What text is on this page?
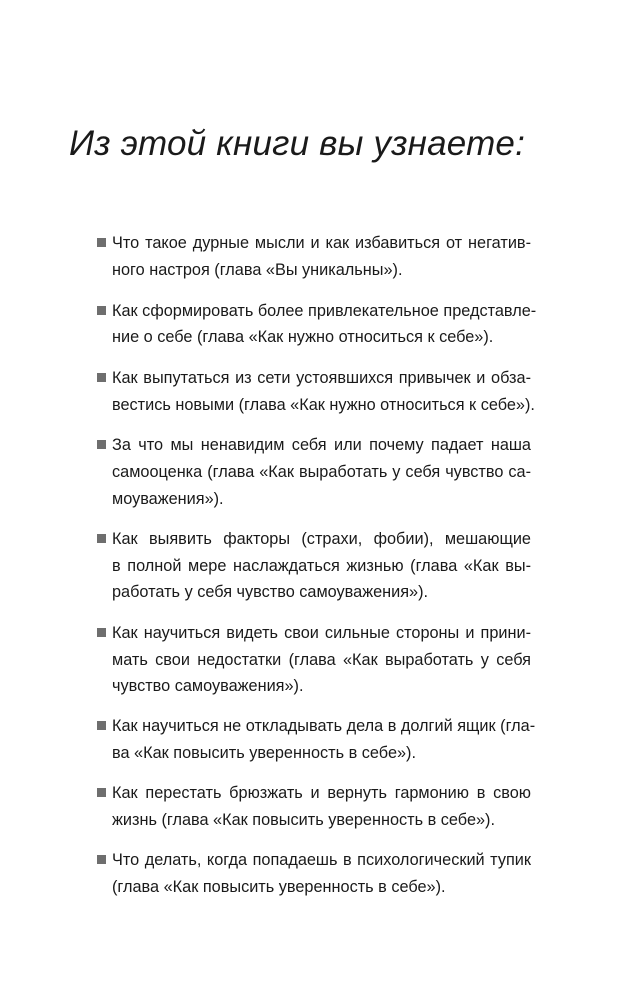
Из этой книги вы узнаете:
Что такое дурные мысли и как избавиться от негатив-
ного настроя (глава «Вы уникальны»).
Как сформировать более привлекательное представле-
ние о себе (глава «Как нужно относиться к себе»).
Как выпутаться из сети устоявшихся привычек и обза-
вестись новыми (глава «Как нужно относиться к себе»).
За что мы ненавидим себя или почему падает наша
самооценка (глава «Как выработать у себя чувство са-
моуважения»).
Как выявить факторы (страхи, фобии), мешающие
в полной мере наслаждаться жизнью (глава «Как вы-
работать у себя чувство самоуважения»).
Как научиться видеть свои сильные стороны и прини-
мать свои недостатки (глава «Как выработать у себя
чувство самоуважения»).
Как научиться не откладывать дела в долгий ящик (гла-
ва «Как повысить уверенность в себе»).
Как перестать брюзжать и вернуть гармонию в свою
жизнь (глава «Как повысить уверенность в себе»).
Что делать, когда попадаешь в психологический тупик
(глава «Как повысить уверенность в себе»).
